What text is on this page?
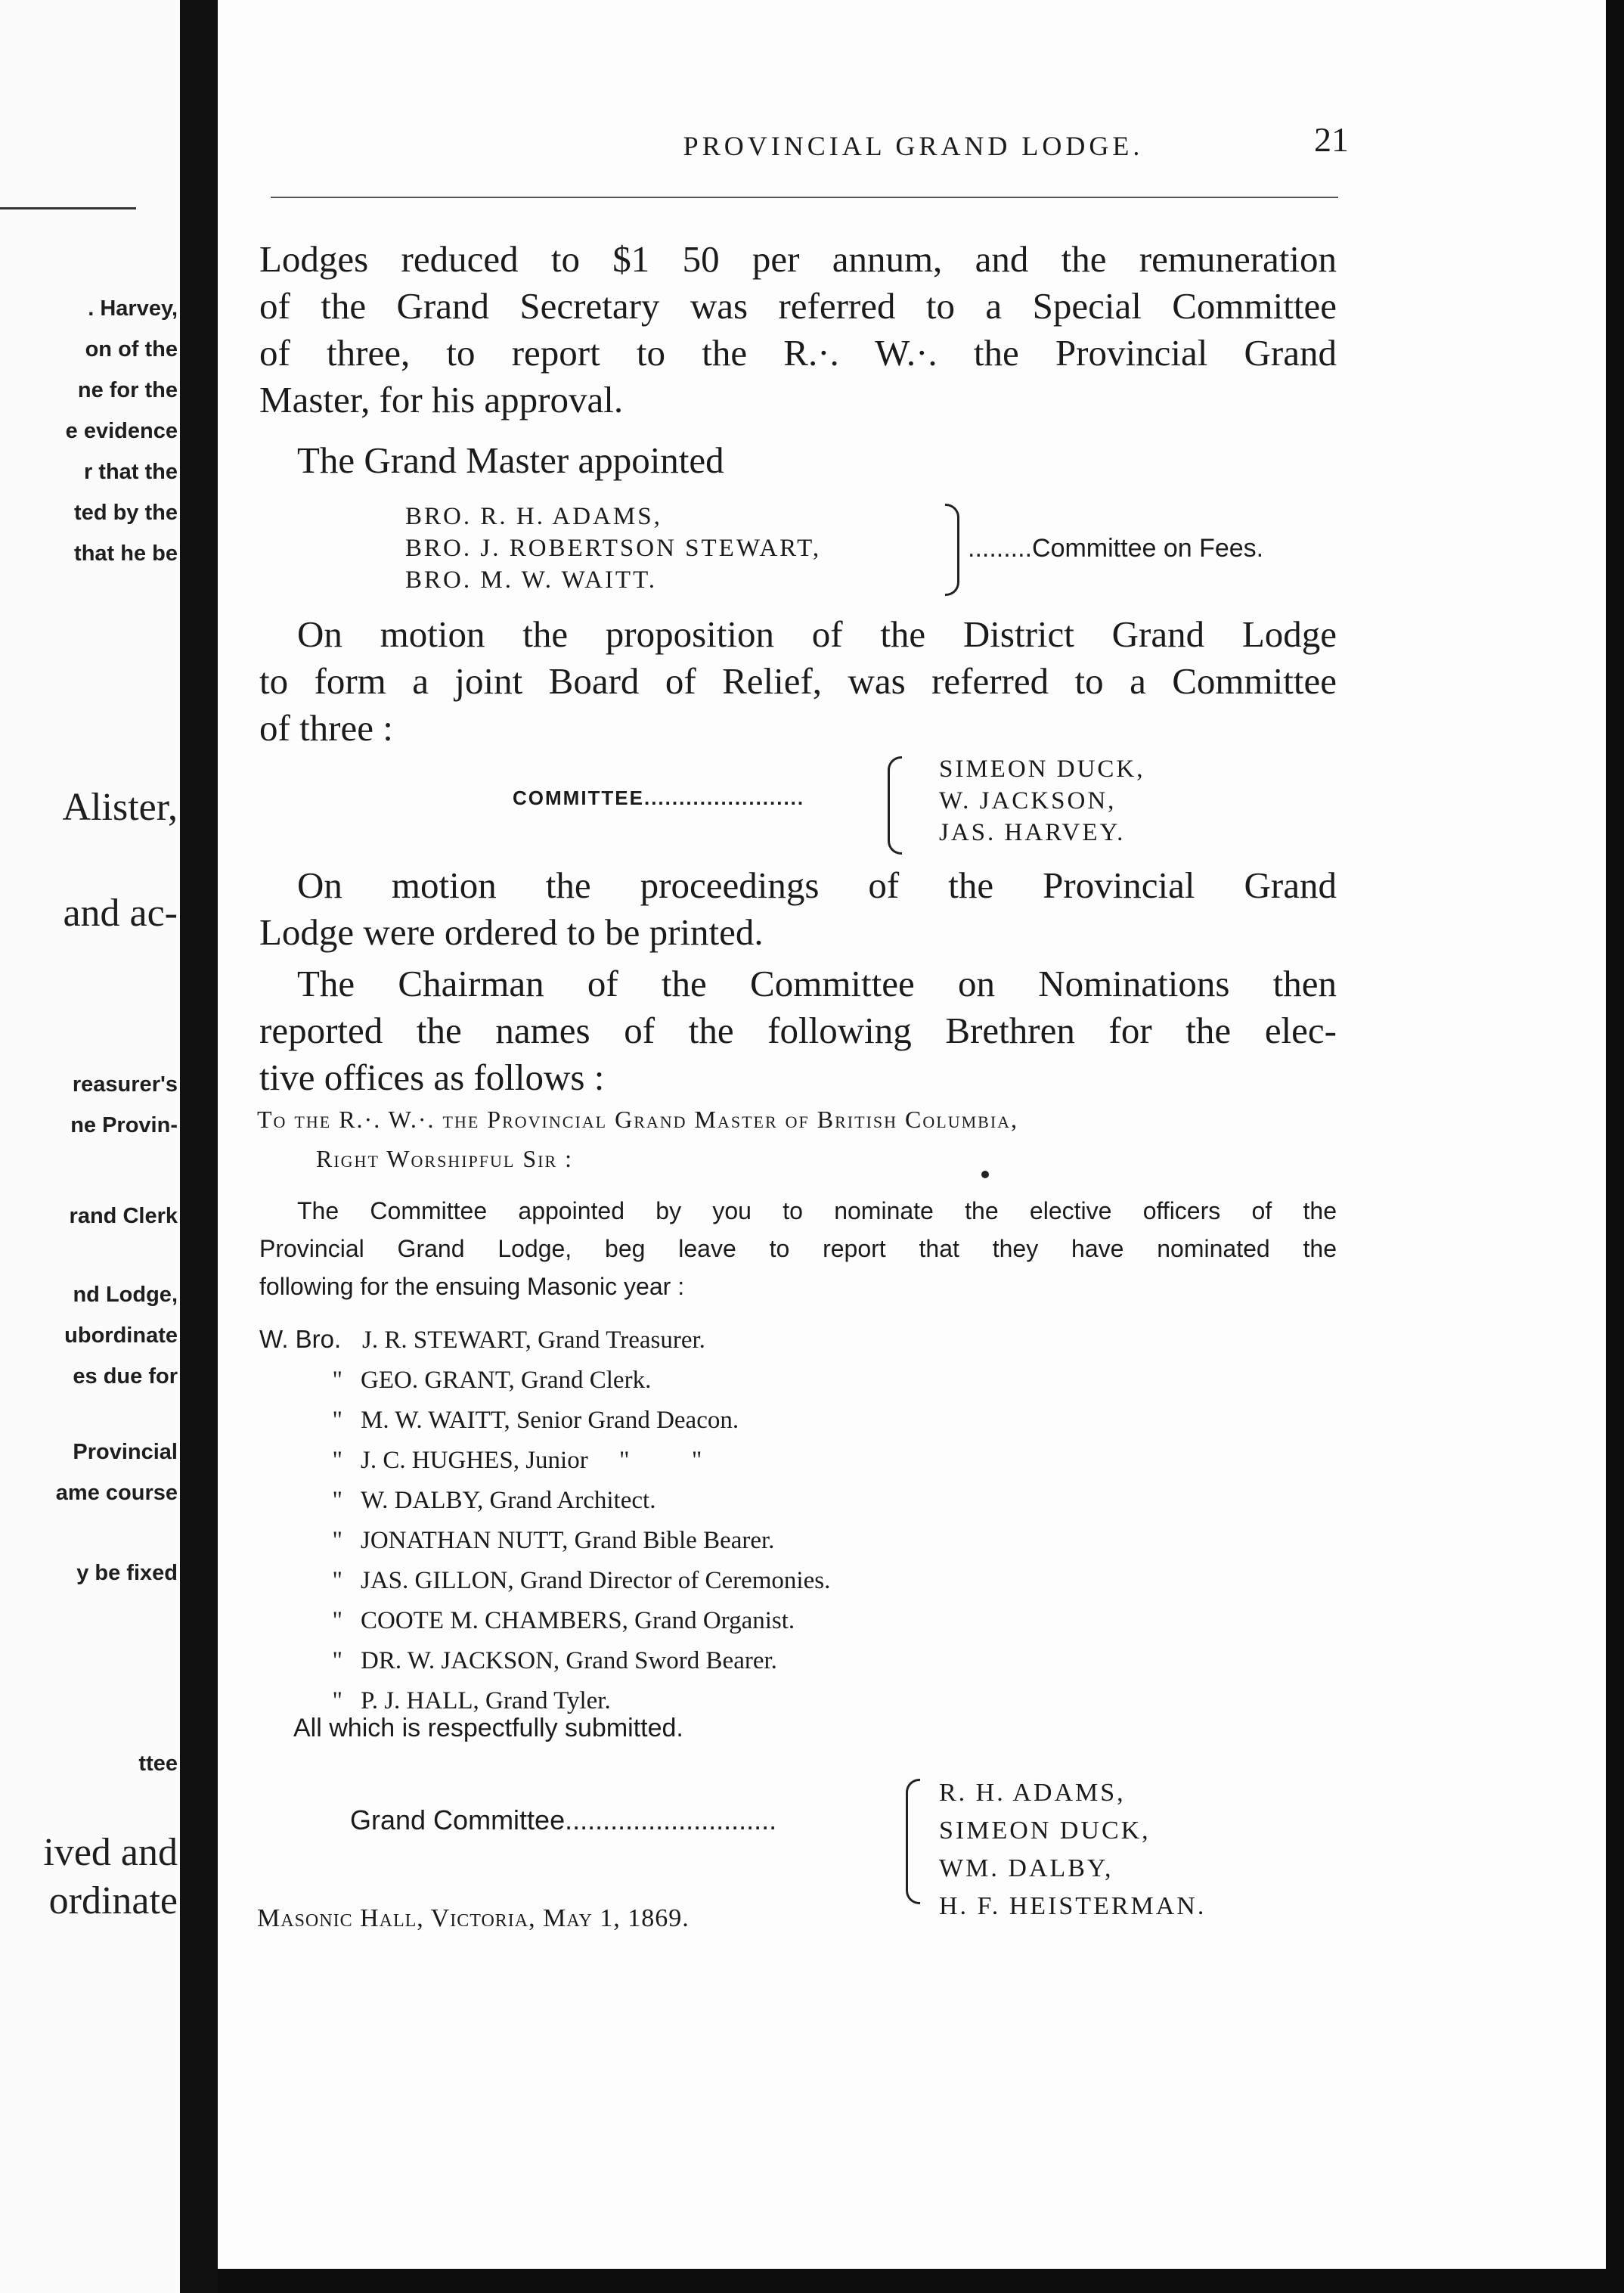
. Harvey,
on of the
ne for the
e evidence
r that the
ted by the
that he be
Alister,
and ac-
reasurer's
ne Provin-
rand Clerk
nd Lodge,
ubordinate
es due for
Provincial
ame course
y be fixed
ttee
ived and
ordinate
PROVINCIAL GRAND LODGE.	21
Lodges reduced to $1 50 per annum, and the remuneration
of the Grand Secretary was referred to a Special Committee
of three, to report to the R.·. W.·. the Provincial Grand
Master, for his approval.
The Grand Master appointed
BRO. R. H. ADAMS,
BRO. J. ROBERTSON STEWART,
BRO. M. W. WAITT.
.........Committee on Fees.
On motion the proposition of the District Grand Lodge
to form a joint Board of Relief, was referred to a Committee
of three :
COMMITTEE.......................
SIMEON DUCK,
W. JACKSON,
JAS. HARVEY.
On motion the proceedings of the Provincial Grand
Lodge were ordered to be printed.
The Chairman of the Committee on Nominations then
reported the names of the following Brethren for the elec-
tive offices as follows :
To the R.·. W.·. the Provincial Grand Master of British Columbia,
Right Worshipful Sir :
The Committee appointed by you to nominate the elective officers of the
Provincial Grand Lodge, beg leave to report that they have nominated the
following for the ensuing Masonic year :
W. Bro. J. R. STEWART, Grand Treasurer.
" GEO. GRANT, Grand Clerk.
" M. W. WAITT, Senior Grand Deacon.
" J. C. HUGHES, Junior     "          "
" W. DALBY, Grand Architect.
" JONATHAN NUTT, Grand Bible Bearer.
" JAS. GILLON, Grand Director of Ceremonies.
" COOTE M. CHAMBERS, Grand Organist.
" DR. W. JACKSON, Grand Sword Bearer.
" P. J. HALL, Grand Tyler.
All which is respectfully submitted.
Grand Committee............................
R. H. ADAMS,
SIMEON DUCK,
WM. DALBY,
H. F. HEISTERMAN.
Masonic Hall, Victoria, May 1, 1869.
